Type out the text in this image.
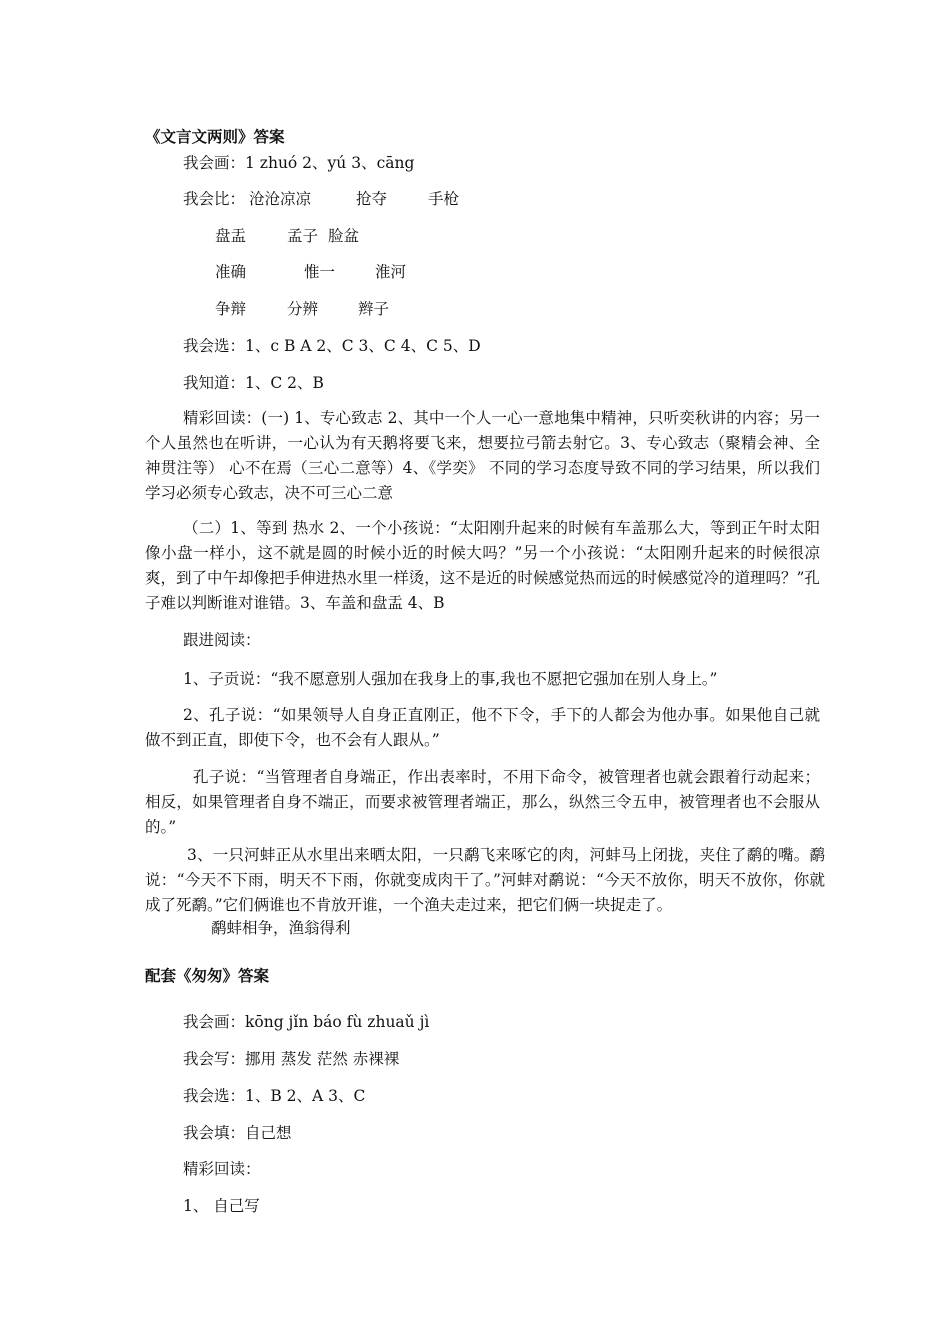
《文言文两则》答案
我会画：1 zhuó 2、yú 3、cāng
我会比： 沧沧凉凉	抢夺	手枪
盘盂	孟子 脸盆
准确	惟一	淮河
争辩	分辨	辫子
我会选：1、c B A 2、C 3、C 4、C 5、D
我知道：1、C 2、B
精彩回读：(一) 1、专心致志 2、其中一个人一心一意地集中精神，只听奕秋讲的内容；另一个人虽然也在听讲，一心认为有天鹅将要飞来，想要拉弓箭去射它。3、专心致志（聚精会神、全神贯注等） 心不在焉（三心二意等）4、《学奕》 不同的学习态度导致不同的学习结果，所以我们学习必须专心致志，决不可三心二意
（二）1、等到 热水 2、一个小孩说：“太阳刚升起来的时候有车盖那么大，等到正午时太阳像小盘一样小，这不就是圆的时候小近的时候大吗？”另一个小孩说：“太阳刚升起来的时候很凉爽，到了中午却像把手伸进热水里一样烫，这不是近的时候感觉热而远的时候感觉冷的道理吗？”孔子难以判断谁对谁错。3、车盖和盘盂 4、B
跟进阅读：
1、子贡说：“我不愿意别人强加在我身上的事,我也不愿把它强加在别人身上。”
2、孔子说：“如果领导人自身正直刚正，他不下令，手下的人都会为他办事。如果他自己就做不到正直，即使下令，也不会有人跟从。”
孔子说：“当管理者自身端正，作出表率时，不用下命令，被管理者也就会跟着行动起来；相反，如果管理者自身不端正，而要求被管理者端正，那么，纵然三令五申，被管理者也不会服从的。”
3、一只河蚌正从水里出来晒太阳，一只鹬飞来啄它的肉，河蚌马上闭拢，夹住了鹬的嘴。鹬说：“今天不下雨，明天不下雨，你就变成肉干了。”河蚌对鹬说：“今天不放你，明天不放你，你就成了死鹬。”它们俩谁也不肯放开谁，一个渔夫走过来，把它们俩一块捉走了。
鹬蚌相争，渔翁得利
配套《匆匆》答案
我会画：kōng jǐn báo fù zhuaǔ jì
我会写：挪用 蒸发 茫然 赤裸裸
我会选：1、B 2、A 3、C
我会填：自己想
精彩回读：
1、 自己写
